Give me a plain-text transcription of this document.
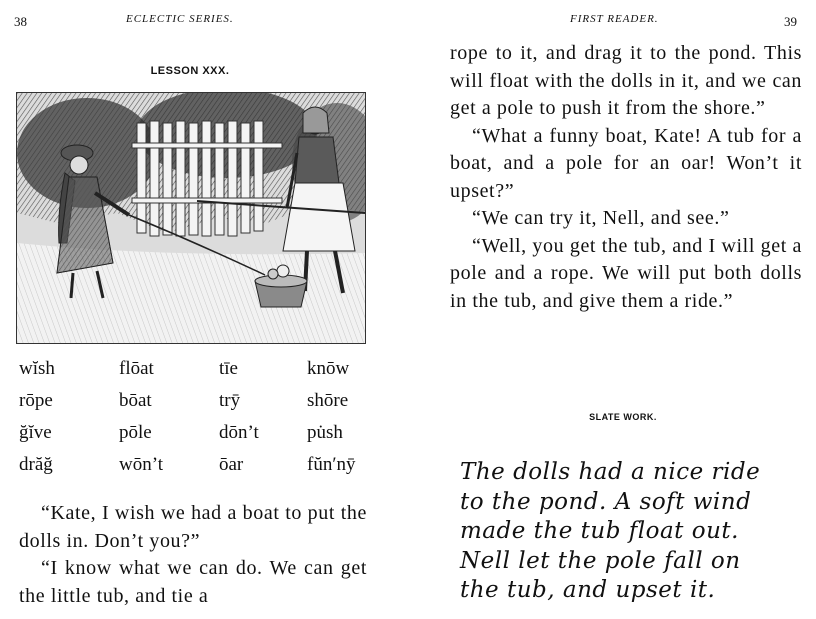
38	ECLECTIC SERIES.
LESSON XXX.
wĭsh	flōat	tīe	knōw
rōpe	bōat	trȳ	shōre
ğĭve	pōle	dōn’t	pu̇sh
drăğ	wōn’t	ōar	fŭn′nȳ

“Kate, I wish we had a boat to put the dolls in. Don’t you?”

“I know what we can do. We can get the little tub, and tie a

FIRST READER.	39

rope to it, and drag it to the pond. This will float with the dolls in it, and we can get a pole to push it from the shore.”

“What a funny boat, Kate! A tub for a boat, and a pole for an oar! Won’t it upset?”

“We can try it, Nell, and see.”

“Well, you get the tub, and I will get a pole and a rope. We will put both dolls in the tub, and give them a ride.”

SLATE WORK.
The dolls had a nice ride
to the pond. A soft wind
made the tub float out.
Nell let the pole fall on
the tub, and upset it.
